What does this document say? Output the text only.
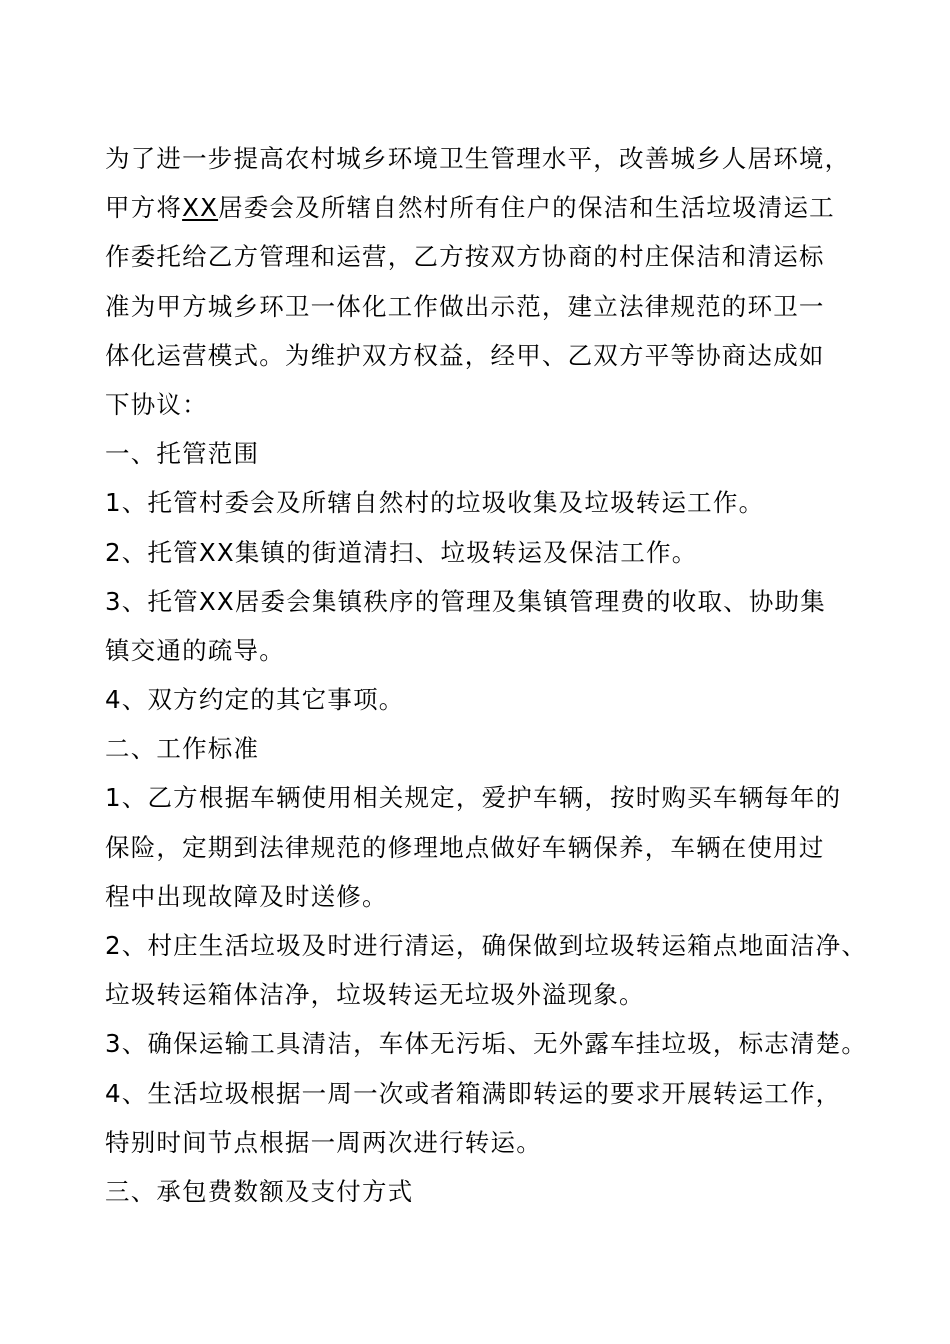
为了进一步提高农村城乡环境卫生管理水平，改善城乡人居环境，
甲方将XX居委会及所辖自然村所有住户的保洁和生活垃圾清运工
作委托给乙方管理和运营，乙方按双方协商的村庄保洁和清运标
准为甲方城乡环卫一体化工作做出示范，建立法律规范的环卫一
体化运营模式。为维护双方权益，经甲、乙双方平等协商达成如
下协议：
一、托管范围
1、托管村委会及所辖自然村的垃圾收集及垃圾转运工作。
2、托管XX集镇的街道清扫、垃圾转运及保洁工作。
3、托管XX居委会集镇秩序的管理及集镇管理费的收取、协助集
镇交通的疏导。
4、双方约定的其它事项。
二、工作标准
1、乙方根据车辆使用相关规定，爱护车辆，按时购买车辆每年的
保险，定期到法律规范的修理地点做好车辆保养，车辆在使用过
程中出现故障及时送修。
2、村庄生活垃圾及时进行清运，确保做到垃圾转运箱点地面洁净、
垃圾转运箱体洁净，垃圾转运无垃圾外溢现象。
3、确保运输工具清洁，车体无污垢、无外露车挂垃圾，标志清楚。
4、生活垃圾根据一周一次或者箱满即转运的要求开展转运工作，
特别时间节点根据一周两次进行转运。
三、承包费数额及支付方式
